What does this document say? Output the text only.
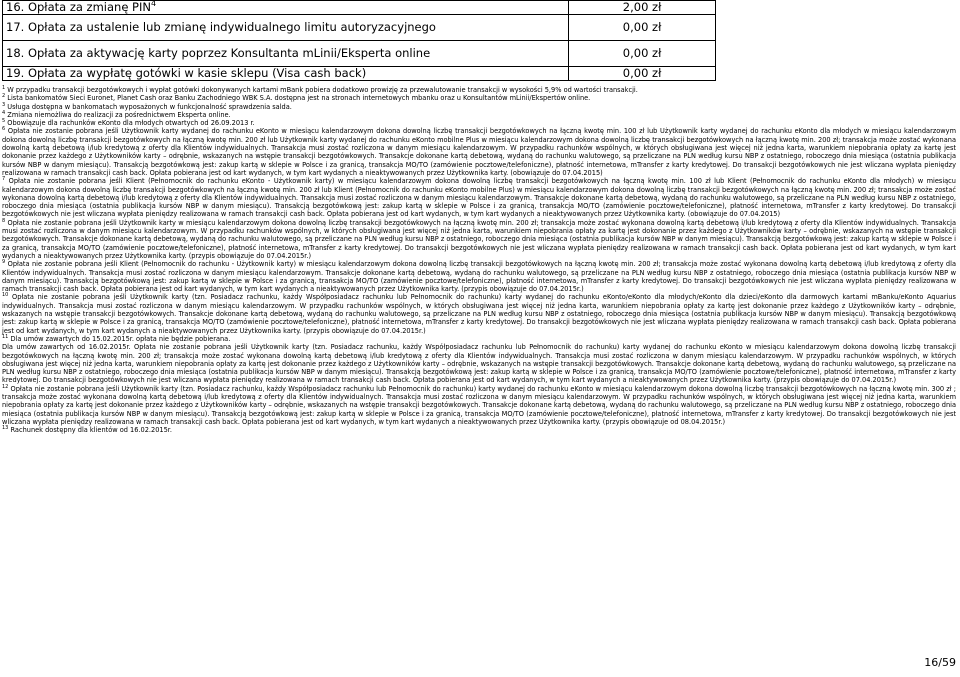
16. Opłata za zmianę PIN$^4$	2,00 zł
17. Opłata za ustalenie lub zmianę indywidualnego limitu autoryzacyjnego	0,00 zł
18. Opłata za aktywację karty poprzez Konsultanta mLinii/Eksperta online	0,00 zł
19. Opłata za wypłatę gotówki w kasie sklepu (Visa cash back)	0,00 zł

$^1$ W przypadku transakcji bezgotówkowych i wypłat gotówki dokonywanych kartami mBank pobiera dodatkowo prowizję za przewalutowanie transakcji w wysokości 5,9% od wartości transakcji.

$^2$ Lista bankomatów Sieci Euronet, Planet Cash oraz Banku Zachodniego WBK S.A. dostępna jest na stronach internetowych mbanku oraz u Konsultantów mLinii/Ekspertów online.

$^3$ Usługa dostępna w bankomatach wyposażonych w funkcjonalność sprawdzenia salda.

$^4$ Zmiana niemożliwa do realizacji za pośrednictwem Eksperta online.

$^5$ Obowiązuje dla rachunków eKonto dla młodych otwartych od 26.09.2013 r.

$^6$ Opłata nie zostanie pobrana jeśli Użytkownik karty wydanej do rachunku eKonto w miesiącu kalendarzowym dokona dowolną liczbę transakcji bezgotówkowych na łączną kwotę min. 100 zł lub Użytkownik karty wydanej do rachunku eKonto dla młodych w miesiącu kalendarzowym dokona dowolną liczbę transakcji bezgotówkowych na łączną kwotę min. 200 zł lub Użytkownik karty wydanej do rachunku eKonto mobilne Plus w miesiącu kalendarzowym dokona dowolną liczbę transakcji bezgotówkowych na łączną kwotę min. 200 zł; transakcja może zostać wykonana dowolną kartą debetową i/lub kredytową z oferty dla Klientów indywidualnych. Transakcja musi zostać rozliczona w danym miesiącu kalendarzowym. W przypadku rachunków wspólnych, w których obsługiwana jest więcej niż jedna karta, warunkiem niepobrania opłaty za kartę jest dokonanie przez każdego z Użytkowników karty – odrębnie, wskazanych na wstępie transakcji bezgotówkowych. Transakcje dokonane kartą debetową, wydaną do rachunku walutowego, są przeliczane na PLN według kursu NBP z ostatniego, roboczego dnia miesiąca (ostatnia publikacja kursów NBP w danym miesiącu). Transakcją bezgotówkową jest: zakup kartą w sklepie w Polsce i za granicą, transakcja MO/TO (zamówienie pocztowe/telefoniczne), płatność internetowa, mTransfer z karty kredytowej. Do transakcji bezgotówkowych nie jest wliczana wypłata pieniędzy realizowana w ramach transakcji cash back. Opłata pobierana jest od kart wydanych, w tym kart wydanych a nieaktywowanych przez Użytkownika karty. (obowiązuje do 07.04.2015)

$^7$ Opłata nie zostanie pobrana jeśli Klient (Pełnomocnik do rachunku eKonto - Użytkownik karty) w miesiącu kalendarzowym dokona dowolną liczbę transakcji bezgotówkowych na łączną kwotę min. 100 zł lub Klient (Pełnomocnik do rachunku eKonto dla młodych) w miesiącu kalendarzowym dokona dowolną liczbę transakcji bezgotówkowych na łączną kwotę min. 200 zł lub Klient (Pełnomocnik do rachunku eKonto mobilne Plus) w miesiącu kalendarzowym dokona dowolną liczbę transakcji bezgotówkowych na łączną kwotę min. 200 zł; transakcja może zostać wykonana dowolną kartą debetową i/lub kredytową z oferty dla Klientów indywidualnych. Transakcja musi zostać rozliczona w danym miesiącu kalendarzowym. Transakcje dokonane kartą debetową, wydaną do rachunku walutowego, są przeliczane na PLN według kursu NBP z ostatniego, roboczego dnia miesiąca (ostatnia publikacja kursów NBP w danym miesiącu). Transakcją bezgotówkową jest: zakup kartą w sklepie w Polsce i za granicą, transakcja MO/TO (zamówienie pocztowe/telefoniczne), płatność internetowa, mTransfer z karty kredytowej. Do transakcji bezgotówkowych nie jest wliczana wypłata pieniędzy realizowana w ramach transakcji cash back. Opłata pobierana jest od kart wydanych, w tym kart wydanych a nieaktywowanych przez Użytkownika karty. (obowiązuje do 07.04.2015)

$^8$ Opłata nie zostanie pobrana jeśli Użytkownik karty w miesiącu kalendarzowym dokona dowolną liczbę transakcji bezgotówkowych na łączną kwotę min. 200 zł; transakcja może zostać wykonana dowolną kartą debetową i/lub kredytową z oferty dla Klientów indywidualnych. Transakcja musi zostać rozliczona w danym miesiącu kalendarzowym. W przypadku rachunków wspólnych, w których obsługiwana jest więcej niż jedna karta, warunkiem niepobrania opłaty za kartę jest dokonanie przez każdego z Użytkowników karty – odrębnie, wskazanych na wstępie transakcji bezgotówkowych. Transakcje dokonane kartą debetową, wydaną do rachunku walutowego, są przeliczane na PLN według kursu NBP z ostatniego, roboczego dnia miesiąca (ostatnia publikacja kursów NBP w danym miesiącu). Transakcją bezgotówkową jest: zakup kartą w sklepie w Polsce i za granicą, transakcja MO/TO (zamówienie pocztowe/telefoniczne), płatność internetowa, mTransfer z karty kredytowej. Do transakcji bezgotówkowych nie jest wliczana wypłata pieniędzy realizowana w ramach transakcji cash back. Opłata pobierana jest od kart wydanych, w tym kart wydanych a nieaktywowanych przez Użytkownika karty. (przypis obowiązuje do 07.04.2015r.)

$^9$ Opłata nie zostanie pobrana jeśli Klient (Pełnomocnik do rachunku - Użytkownik karty) w miesiącu kalendarzowym dokona dowolną liczbę transakcji bezgotówkowych na łączną kwotę min. 200 zł; transakcja może zostać wykonana dowolną kartą debetową i/lub kredytową z oferty dla Klientów indywidualnych. Transakcja musi zostać rozliczona w danym miesiącu kalendarzowym. Transakcje dokonane kartą debetową, wydaną do rachunku walutowego, są przeliczane na PLN według kursu NBP z ostatniego, roboczego dnia miesiąca (ostatnia publikacja kursów NBP w danym miesiącu). Transakcją bezgotówkową jest: zakup kartą w sklepie w Polsce i za granicą, transakcja MO/TO (zamówienie pocztowe/telefoniczne), płatność internetowa, mTransfer z karty kredytowej. Do transakcji bezgotówkowych nie jest wliczana wypłata pieniędzy realizowana w ramach transakcji cash back. Opłata pobierana jest od kart wydanych, w tym kart wydanych a nieaktywowanych przez Użytkownika karty. (przypis obowiązuje do 07.04.2015r.)

$^{10}$ Opłata nie zostanie pobrana jeśli Użytkownik karty (tzn. Posiadacz rachunku, każdy Współposiadacz rachunku lub Pełnomocnik do rachunku) karty wydanej do rachunku eKonto/eKonto dla młodych/eKonto dla dzieci/eKonto dla darmowych kartami mBanku/eKonto Aquarius indywidualnych. Transakcja musi zostać rozliczona w danym miesiącu kalendarzowym. W przypadku rachunków wspólnych, w których obsługiwana jest więcej niż jedna karta, warunkiem niepobrania opłaty za kartę jest dokonanie przez każdego z Użytkowników karty – odrębnie, wskazanych na wstępie transakcji bezgotówkowych. Transakcje dokonane kartą debetową, wydaną do rachunku walutowego, są przeliczane na PLN według kursu NBP z ostatniego, roboczego dnia miesiąca (ostatnia publikacja kursów NBP w danym miesiącu). Transakcją bezgotówkową jest: zakup kartą w sklepie w Polsce i za granicą, transakcja MO/TO (zamówienie pocztowe/telefoniczne), płatność internetowa, mTransfer z karty kredytowej. Do transakcji bezgotówkowych nie jest wliczana wypłata pieniędzy realizowana w ramach transakcji cash back. Opłata pobierana jest od kart wydanych, w tym kart wydanych a nieaktywowanych przez Użytkownika karty. (przypis obowiązuje do 07.04.2015r.)

$^{11}$ Dla umów zawartych do 15.02.2015r. opłata nie będzie pobierana.

Dla umów zawartych od 16.02.2015r. Opłata nie zostanie pobrana jeśli Użytkownik karty (tzn. Posiadacz rachunku, każdy Współposiadacz rachunku lub Pełnomocnik do rachunku) karty wydanej do rachunku eKonto w miesiącu kalendarzowym dokona dowolną liczbę transakcji bezgotówkowych na łączną kwotę min. 200 zł; transakcja może zostać wykonana dowolną kartą debetową i/lub kredytową z oferty dla Klientów indywidualnych. Transakcja musi zostać rozliczona w danym miesiącu kalendarzowym. W przypadku rachunków wspólnych, w których obsługiwana jest więcej niż jedna karta, warunkiem niepobrania opłaty za kartę jest dokonanie przez każdego z Użytkowników karty – odrębnie, wskazanych na wstępie transakcji bezgotówkowych. Transakcje dokonane kartą debetową, wydaną do rachunku walutowego, są przeliczane na PLN według kursu NBP z ostatniego, roboczego dnia miesiąca (ostatnia publikacja kursów NBP w danym miesiącu). Transakcją bezgotówkową jest: zakup kartą w sklepie w Polsce i za granicą, transakcja MO/TO (zamówienie pocztowe/telefoniczne), płatność internetowa, mTransfer z karty kredytowej. Do transakcji bezgotówkowych nie jest wliczana wypłata pieniędzy realizowana w ramach transakcji cash back. Opłata pobierana jest od kart wydanych, w tym kart wydanych a nieaktywowanych przez Użytkownika karty. (przypis obowiązuje do 07.04.2015r.)

$^{12}$ Opłata nie zostanie pobrana jeśli Użytkownik karty (tzn. Posiadacz rachunku, każdy Współposiadacz rachunku lub Pełnomocnik do rachunku) karty wydanej do rachunku eKonto w miesiącu kalendarzowym dokona dowolną liczbę transakcji bezgotówkowych na łączną kwotę min. 300 zł ; transakcja może zostać wykonana dowolną kartą debetową i/lub kredytową z oferty dla Klientów indywidualnych. Transakcja musi zostać rozliczona w danym miesiącu kalendarzowym. W przypadku rachunków wspólnych, w których obsługiwana jest więcej niż jedna karta, warunkiem niepobrania opłaty za kartę jest dokonanie przez każdego z Użytkowników karty – odrębnie, wskazanych na wstępie transakcji bezgotówkowych. Transakcje dokonane kartą debetową, wydaną do rachunku walutowego, są przeliczane na PLN według kursu NBP z ostatniego, roboczego dnia miesiąca (ostatnia publikacja kursów NBP w danym miesiącu). Transakcją bezgotówkową jest: zakup kartą w sklepie w Polsce i za granicą, transakcja MO/TO (zamówienie pocztowe/telefoniczne), płatność internetowa, mTransfer z karty kredytowej. Do transakcji bezgotówkowych nie jest wliczana wypłata pieniędzy realizowana w ramach transakcji cash back. Opłata pobierana jest od kart wydanych, w tym kart wydanych a nieaktywowanych przez Użytkownika karty. (przypis obowiązuje od 08.04.2015r.)

$^{13}$ Rachunek dostępny dla klientów od 16.02.2015r.

16/59
